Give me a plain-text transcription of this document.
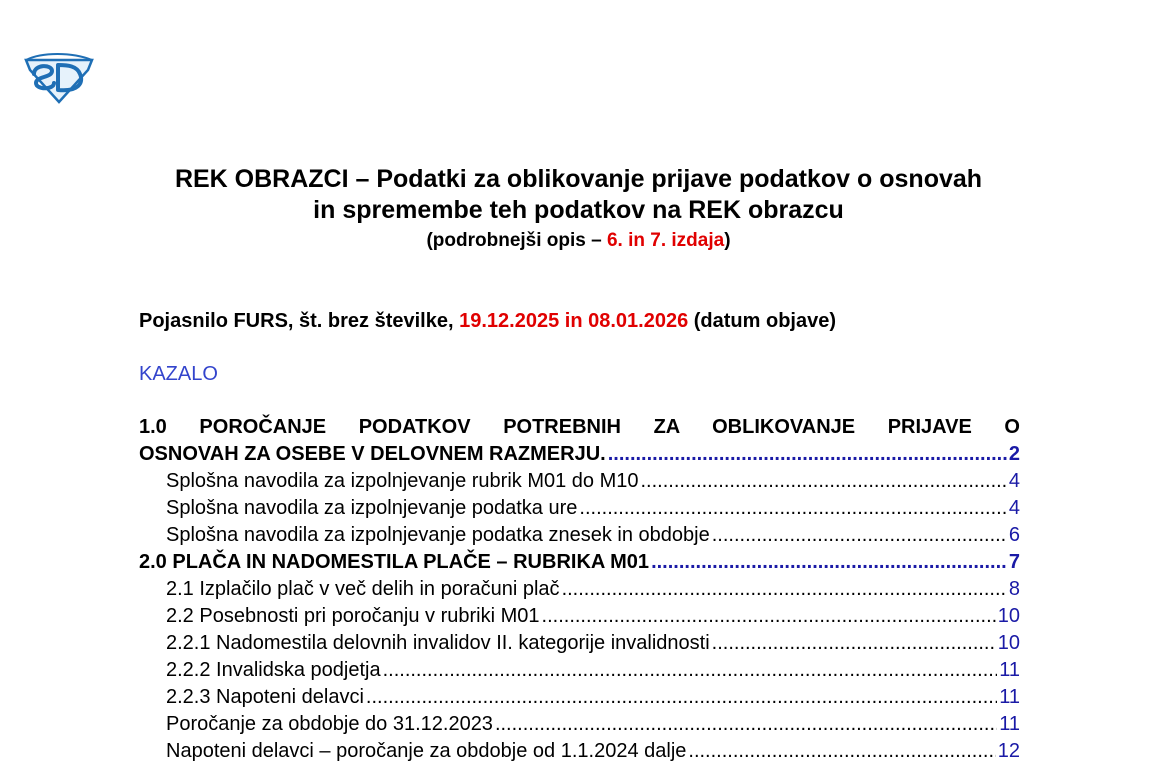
REK OBRAZCI – Podatki za oblikovanje prijave podatkov o osnovah
in spremembe teh podatkov na REK obrazcu
(podrobnejši opis – 6. in 7. izdaja)
Pojasnilo FURS, št. brez številke, 19.12.2025 in 08.01.2026 (datum objave)
KAZALO
1.0 POROČANJE PODATKOV POTREBNIH ZA OBLIKOVANJE PRIJAVE O
OSNOVAH ZA OSEBE V DELOVNEM RAZMERJU. .....	2
Splošna navodila za izpolnjevanje rubrik M01 do M10 .....	4
Splošna navodila za izpolnjevanje podatka ure .....	4
Splošna navodila za izpolnjevanje podatka znesek in obdobje .....	6
2.0 PLAČA IN NADOMESTILA PLAČE – RUBRIKA M01 .....	7
2.1 Izplačilo plač v več delih in poračuni plač .....	8
2.2 Posebnosti pri poročanju v rubriki M01 .....	10
2.2.1 Nadomestila delovnih invalidov II. kategorije invalidnosti .....	10
2.2.2 Invalidska podjetja .....	11
2.2.3 Napoteni delavci .....	11
Poročanje za obdobje do 31.12.2023 .....	11
Napoteni delavci – poročanje za obdobje od 1.1.2024 dalje .....	12
